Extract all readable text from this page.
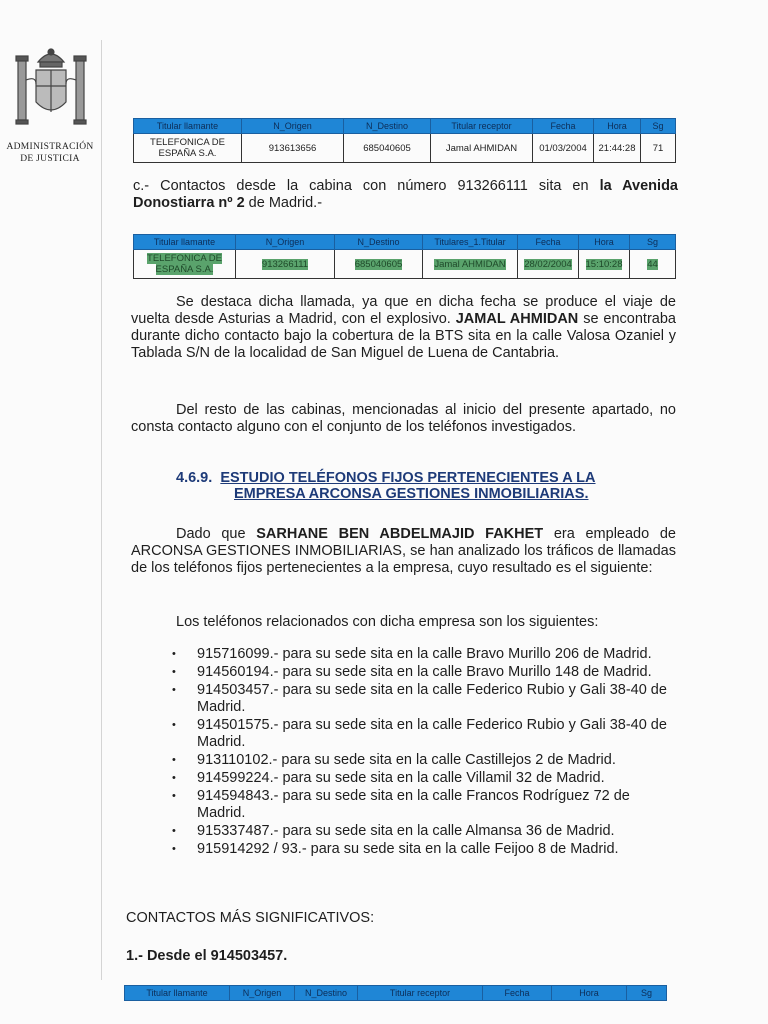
ADMINISTRACIÓN
DE JUSTICIA
Titular llamante	N_Origen	N_Destino	Titular receptor	Fecha	Hora	Sg
TELEFONICA DE ESPAÑA S.A.	913613656	685040605	Jamal AHMIDAN	01/03/2004	21:44:28	71
c.- Contactos desde la cabina con número 913266111 sita en la Avenida Donostiarra nº 2 de Madrid.-
Titular llamante	N_Origen	N_Destino	Titulares_1.Titular	Fecha	Hora	Sg
TELEFONICA DE ESPAÑA S.A.	913266111	685040605	Jamal AHMIDAN	28/02/2004	15:10:28	44
Se destaca dicha llamada, ya que en dicha fecha se produce el viaje de vuelta desde Asturias a Madrid, con el explosivo. JAMAL AHMIDAN se encontraba durante dicho contacto bajo la cobertura de la BTS sita en la calle Valosa Ozaniel y Tablada S/N de la localidad de San Miguel de Luena de Cantabria.
Del resto de las cabinas, mencionadas al inicio del presente apartado, no consta contacto alguno con el conjunto de los teléfonos investigados.
4.6.9. ESTUDIO TELÉFONOS FIJOS PERTENECIENTES A LA
EMPRESA ARCONSA GESTIONES INMOBILIARIAS.
Dado que SARHANE BEN ABDELMAJID FAKHET era empleado de ARCONSA GESTIONES INMOBILIARIAS, se han analizado los tráficos de llamadas de los teléfonos fijos pertenecientes a la empresa, cuyo resultado es el siguiente:
Los teléfonos relacionados con dicha empresa son los siguientes:
• 915716099.- para su sede sita en la calle Bravo Murillo 206 de Madrid.
• 914560194.- para su sede sita en la calle Bravo Murillo 148 de Madrid.
• 914503457.- para su sede sita en la calle Federico Rubio y Gali 38-40 de Madrid.
• 914501575.- para su sede sita en la calle Federico Rubio y Gali 38-40 de Madrid.
• 913110102.- para su sede sita en la calle Castillejos 2 de Madrid.
• 914599224.- para su sede sita en la calle Villamil 32 de Madrid.
• 914594843.- para su sede sita en la calle Francos Rodríguez 72 de Madrid.
• 915337487.- para su sede sita en la calle Almansa 36 de Madrid.
• 915914292 / 93.- para su sede sita en la calle Feijoo 8 de Madrid.
CONTACTOS MÁS SIGNIFICATIVOS:
1.- Desde el 914503457.
Titular llamante	N_Origen	N_Destino	Titular receptor	Fecha	Hora	Sg
